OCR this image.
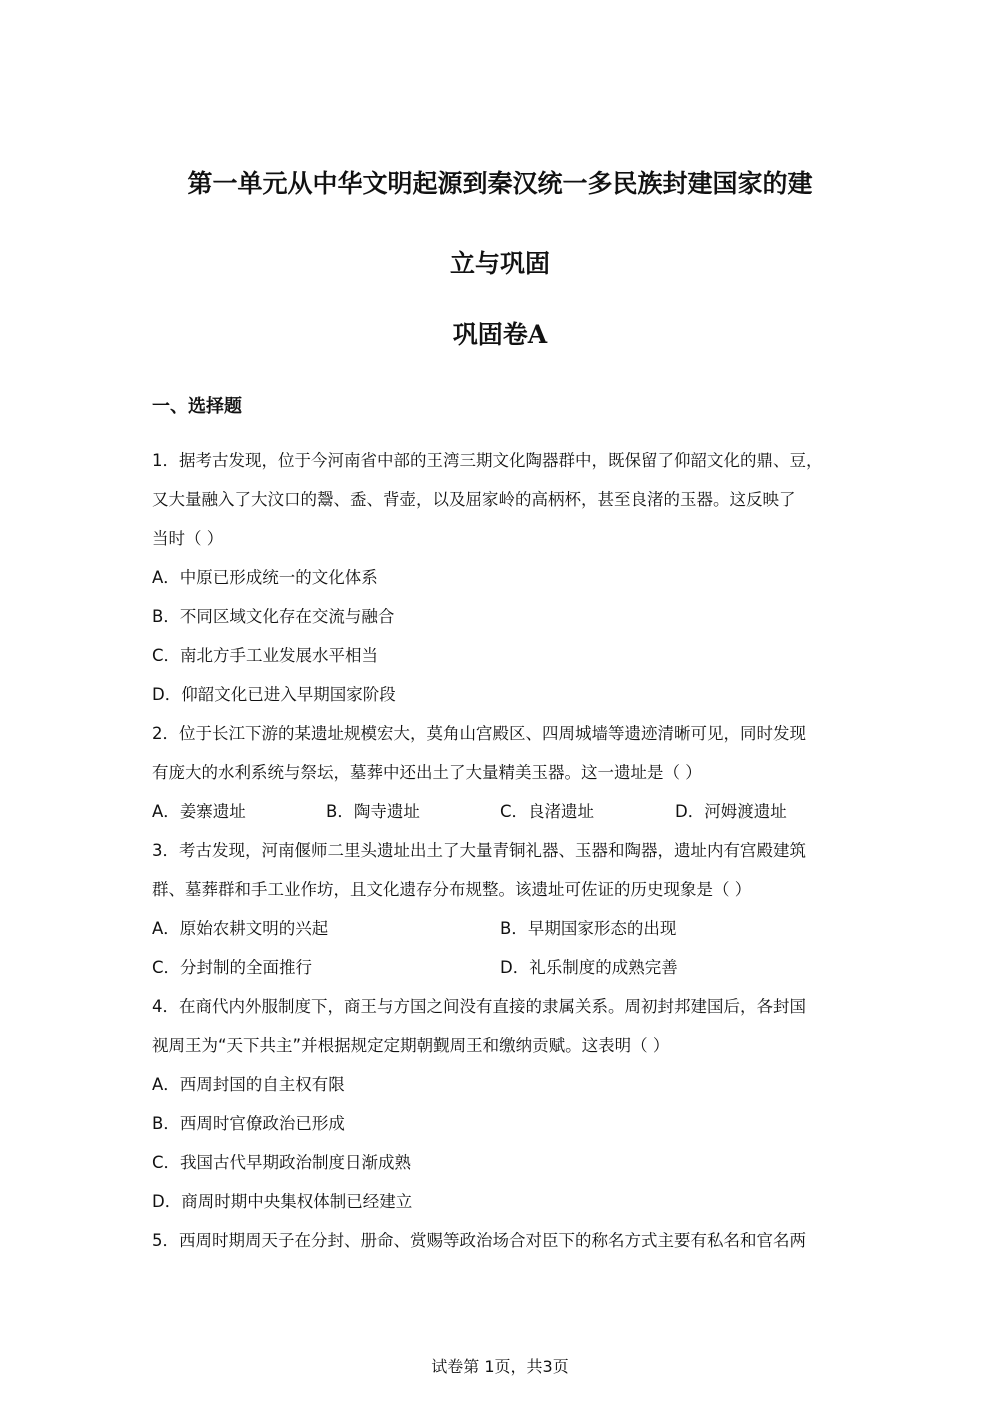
第一单元从中华文明起源到秦汉统一多民族封建国家的建
立与巩固
巩固卷A
一、选择题
1．据考古发现，位于今河南省中部的王湾三期文化陶器群中，既保留了仰韶文化的鼎、豆，
又大量融入了大汶口的鬶、盉、背壶，以及屈家岭的高柄杯，甚至良渚的玉器。这反映了
当时（ ）
A．中原已形成统一的文化体系
B．不同区域文化存在交流与融合
C．南北方手工业发展水平相当
D．仰韶文化已进入早期国家阶段
2．位于长江下游的某遗址规模宏大，莫角山宫殿区、四周城墙等遗迹清晰可见，同时发现
有庞大的水利系统与祭坛，墓葬中还出土了大量精美玉器。这一遗址是（ ）
A．姜寨遗址	B．陶寺遗址	C．良渚遗址	D．河姆渡遗址
3．考古发现，河南偃师二里头遗址出土了大量青铜礼器、玉器和陶器，遗址内有宫殿建筑
群、墓葬群和手工业作坊，且文化遗存分布规整。该遗址可佐证的历史现象是（ ）
A．原始农耕文明的兴起	B．早期国家形态的出现
C．分封制的全面推行	D．礼乐制度的成熟完善
4．在商代内外服制度下，商王与方国之间没有直接的隶属关系。周初封邦建国后，各封国
视周王为“天下共主”并根据规定定期朝觐周王和缴纳贡赋。这表明（ ）
A．西周封国的自主权有限
B．西周时官僚政治已形成
C．我国古代早期政治制度日渐成熟
D．商周时期中央集权体制已经建立
5．西周时期周天子在分封、册命、赏赐等政治场合对臣下的称名方式主要有私名和官名两
试卷第 1页，共3页
